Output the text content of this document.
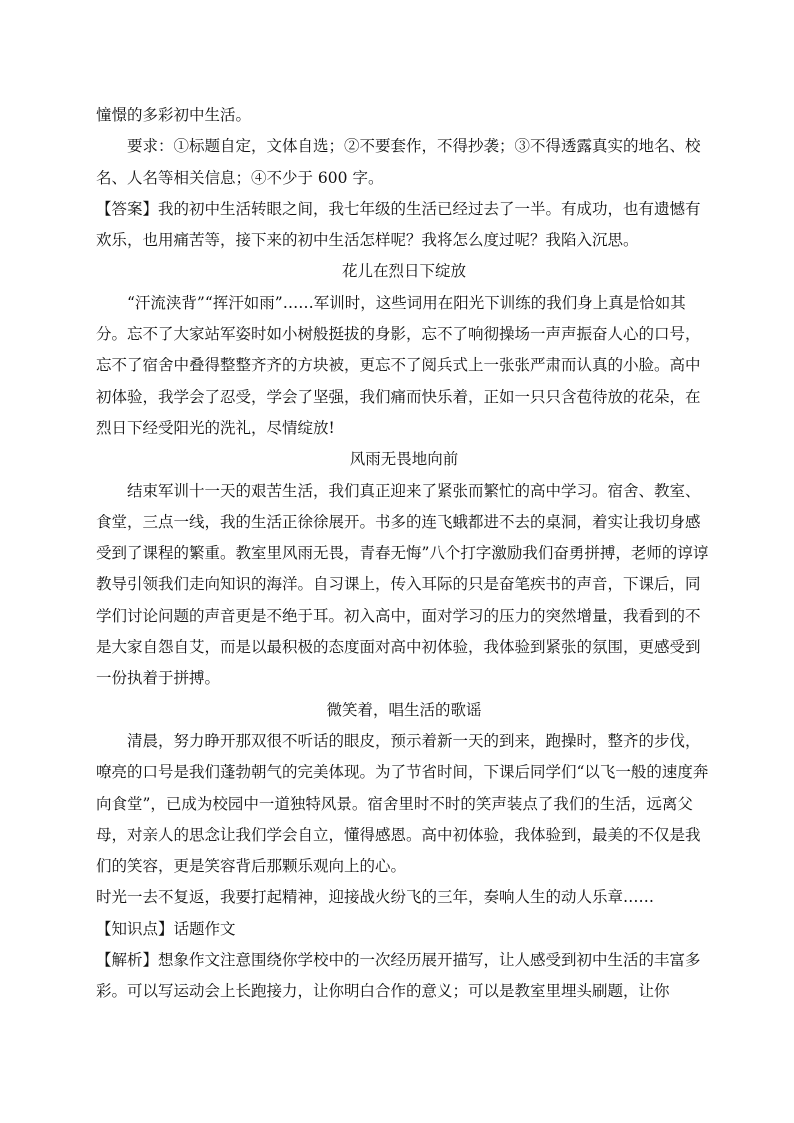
憧憬的多彩初中生活。

要求：①标题自定，文体自选；②不要套作，不得抄袭；③不得透露真实的地名、校名、人名等相关信息；④不少于 600 字。

【答案】我的初中生活转眼之间，我七年级的生活已经过去了一半。有成功，也有遗憾有欢乐，也用痛苦等，接下来的初中生活怎样呢？我将怎么度过呢？我陷入沉思。

花儿在烈日下绽放

“汗流浃背”“挥汗如雨”……军训时，这些词用在阳光下训练的我们身上真是恰如其分。忘不了大家站军姿时如小树般挺拔的身影，忘不了响彻操场一声声振奋人心的口号，忘不了宿舍中叠得整整齐齐的方块被，更忘不了阅兵式上一张张严肃而认真的小脸。高中初体验，我学会了忍受，学会了坚强，我们痛而快乐着，正如一只只含苞待放的花朵，在烈日下经受阳光的洗礼，尽情绽放!

风雨无畏地向前

结束军训十一天的艰苦生活，我们真正迎来了紧张而繁忙的高中学习。宿舍、教室、食堂，三点一线，我的生活正徐徐展开。书多的连飞蛾都进不去的桌洞，着实让我切身感受到了课程的繁重。教室里风雨无畏，青春无悔”八个打字激励我们奋勇拼搏，老师的谆谆教导引领我们走向知识的海洋。自习课上，传入耳际的只是奋笔疾书的声音，下课后，同学们讨论问题的声音更是不绝于耳。初入高中，面对学习的压力的突然增量，我看到的不是大家自怨自艾，而是以最积极的态度面对高中初体验，我体验到紧张的氛围，更感受到一份执着于拼搏。

微笑着，唱生活的歌谣

清晨，努力睁开那双很不听话的眼皮，预示着新一天的到来，跑操时，整齐的步伐，嘹亮的口号是我们蓬勃朝气的完美体现。为了节省时间，下课后同学们“以飞一般的速度奔向食堂”，已成为校园中一道独特风景。宿舍里时不时的笑声装点了我们的生活，远离父母，对亲人的思念让我们学会自立，懂得感恩。高中初体验，我体验到，最美的不仅是我们的笑容，更是笑容背后那颗乐观向上的心。

时光一去不复返，我要打起精神，迎接战火纷飞的三年，奏响人生的动人乐章……

【知识点】话题作文

【解析】想象作文注意围绕你学校中的一次经历展开描写，让人感受到初中生活的丰富多彩。可以写运动会上长跑接力，让你明白合作的意义；可以是教室里埋头刷题，让你
